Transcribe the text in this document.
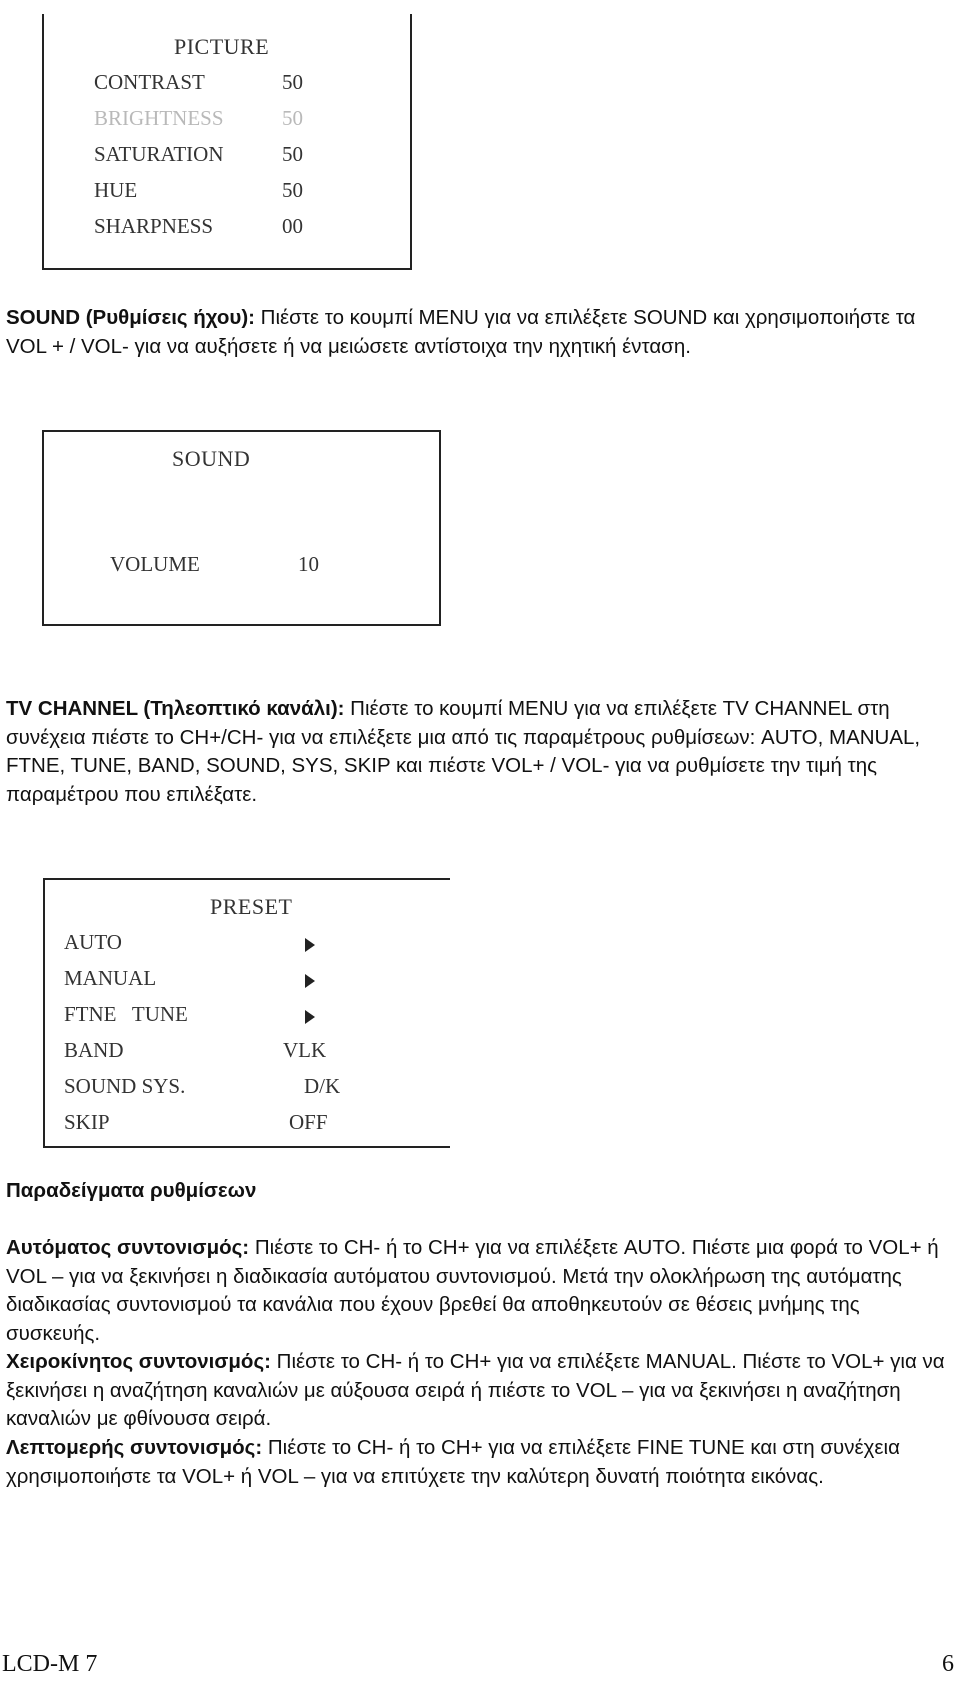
PICTURE
CONTRAST	50
BRIGHTNESS	50
SATURATION	50
HUE	50
SHARPNESS	00

SOUND (Ρυθμίσεις ήχου): Πιέστε το κουμπί MENU για να επιλέξετε SOUND και χρησιμοποιήστε τα VOL + / VOL- για να αυξήσετε ή να μειώσετε αντίστοιχα την ηχητική ένταση.

SOUND
VOLUME	10

TV CHANNEL (Τηλεοπτικό κανάλι): Πιέστε το κουμπί MENU για να επιλέξετε TV CHANNEL στη συνέχεια πιέστε το CH+/CH- για να επιλέξετε μια από τις παραμέτρους ρυθμίσεων: AUTO, MANUAL, FTNE, TUNE, BAND, SOUND, SYS, SKIP και πιέστε VOL+ / VOL- για να ρυθμίσετε την τιμή της παραμέτρου που επιλέξατε.

PRESET
AUTO
MANUAL

FTNE   TUNE

BAND	VLK
SOUND SYS.	D/K
SKIP	OFF

Παραδείγματα ρυθμίσεων

Αυτόματος συντονισμός: Πιέστε το CH- ή το CH+ για να επιλέξετε AUTO. Πιέστε μια φορά το VOL+ ή VOL – για να ξεκινήσει η διαδικασία αυτόματου συντονισμού. Μετά την ολοκλήρωση της αυτόματης διαδικασίας συντονισμού τα κανάλια που έχουν βρεθεί θα αποθηκευτούν σε θέσεις μνήμης της συσκευής.

Χειροκίνητος συντονισμός: Πιέστε το CH- ή το CH+ για να επιλέξετε MANUAL. Πιέστε το VOL+ για να ξεκινήσει η αναζήτηση καναλιών με αύξουσα σειρά ή πιέστε το VOL – για να ξεκινήσει η αναζήτηση καναλιών με φθίνουσα σειρά.

Λεπτομερής συντονισμός: Πιέστε το CH- ή το CH+ για να επιλέξετε FINE TUNE και στη συνέχεια χρησιμοποιήστε τα VOL+ ή VOL – για να επιτύχετε την καλύτερη δυνατή ποιότητα εικόνας.

LCD-M 7	6
